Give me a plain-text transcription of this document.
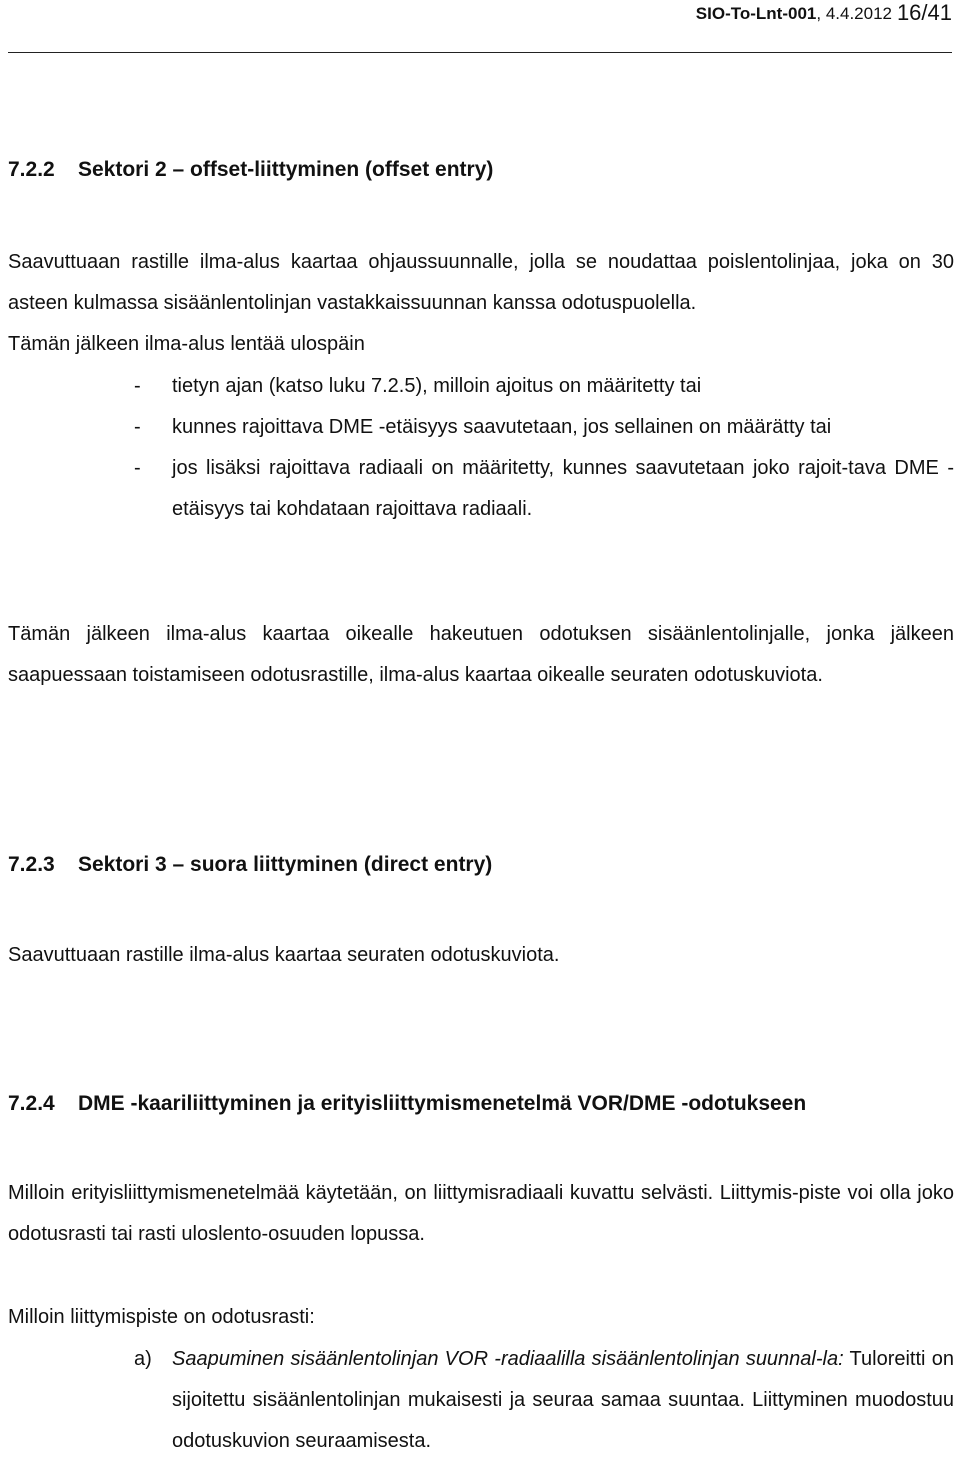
SIO-To-Lnt-001, 4.4.2012 16/41
7.2.2 Sektori 2 – offset-liittyminen (offset entry)
Saavuttuaan rastille ilma-alus kaartaa ohjaussuunnalle, jolla se noudattaa poislentolinjaa, joka on 30 asteen kulmassa sisäänlentolinjan vastakkaissuunnan kanssa odotuspuolella.
Tämän jälkeen ilma-alus lentää ulospäin
- tietyn ajan (katso luku 7.2.5), milloin ajoitus on määritetty tai
- kunnes rajoittava DME -etäisyys saavutetaan, jos sellainen on määrätty tai
- jos lisäksi rajoittava radiaali on määritetty, kunnes saavutetaan joko rajoit-tava DME -etäisyys tai kohdataan rajoittava radiaali.
Tämän jälkeen ilma-alus kaartaa oikealle hakeutuen odotuksen sisäänlentolinjalle, jonka jälkeen saapuessaan toistamiseen odotusrastille, ilma-alus kaartaa oikealle seuraten odotuskuviota.
7.2.3 Sektori 3 – suora liittyminen (direct entry)
Saavuttuaan rastille ilma-alus kaartaa seuraten odotuskuviota.
7.2.4 DME -kaariliittyminen ja erityisliittymismenetelmä VOR/DME -odotukseen
Milloin erityisliittymismenetelmää käytetään, on liittymisradiaali kuvattu selvästi. Liittymis-piste voi olla joko odotusrasti tai rasti uloslento-osuuden lopussa.
Milloin liittymispiste on odotusrasti:
a) Saapuminen sisäänlentolinjan VOR -radiaalilla sisäänlentolinjan suunnal-la: Tuloreitti on sijoitettu sisäänlentolinjan mukaisesti ja seuraa samaa suuntaa. Liittyminen muodostuu odotuskuvion seuraamisesta.
